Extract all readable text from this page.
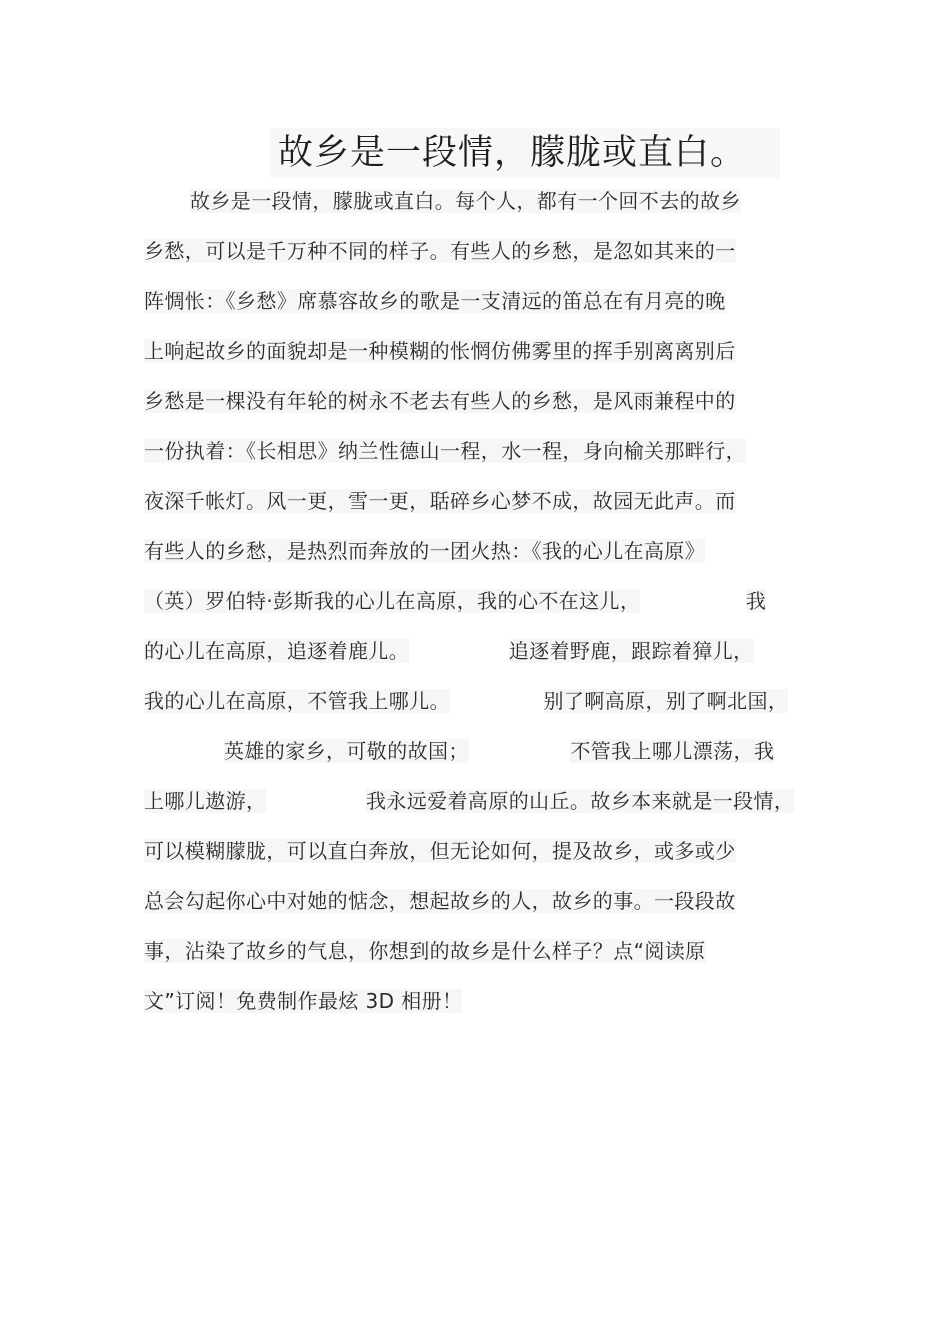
故乡是一段情，朦胧或直白。
故乡是一段情，朦胧或直白。每个人，都有一个回不去的故乡
乡愁，可以是千万种不同的样子。有些人的乡愁，是忽如其来的一
阵惆怅：《乡愁》席慕容故乡的歌是一支清远的笛总在有月亮的晚
上响起故乡的面貌却是一种模糊的怅惘仿佛雾里的挥手别离离别后
乡愁是一棵没有年轮的树永不老去有些人的乡愁，是风雨兼程中的
一份执着：《长相思》纳兰性德山一程，水一程，身向榆关那畔行，
夜深千帐灯。风一更，雪一更，聒碎乡心梦不成，故园无此声。而
有些人的乡愁，是热烈而奔放的一团火热：《我的心儿在高原》
（英）罗伯特·彭斯我的心儿在高原，我的心不在这儿，	我
的心儿在高原，追逐着鹿儿。	追逐着野鹿，跟踪着獐儿，
我的心儿在高原，不管我上哪儿。	别了啊高原，别了啊北国，
英雄的家乡，可敬的故国；	不管我上哪儿漂荡，我
上哪儿遨游，	我永远爱着高原的山丘。故乡本来就是一段情，
可以模糊朦胧，可以直白奔放，但无论如何，提及故乡，或多或少
总会勾起你心中对她的惦念，想起故乡的人，故乡的事。一段段故
事，沾染了故乡的气息，你想到的故乡是什么样子？点“阅读原
文”订阅！免费制作最炫 3D 相册！
